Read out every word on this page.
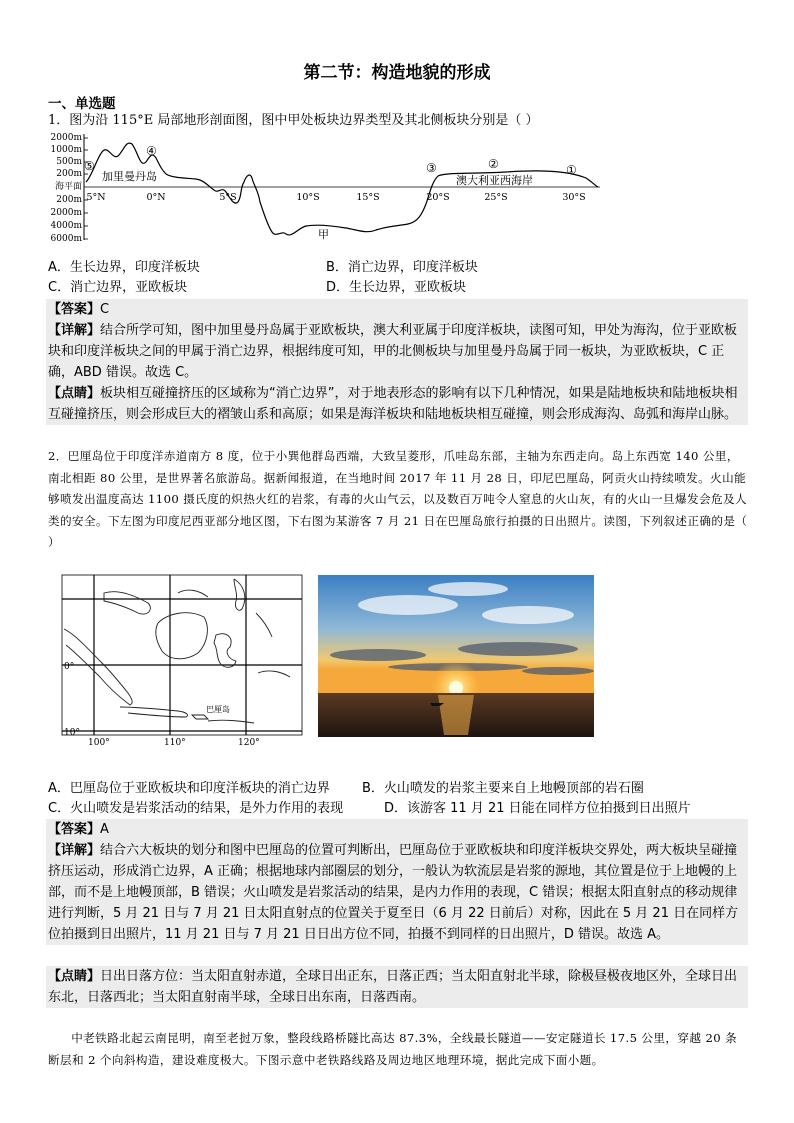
第二节：构造地貌的形成
一、单选题
1．图为沿 115°E 局部地形剖面图，图中甲处板块边界类型及其北侧板块分别是（ ）
2000m
1000m
500m
200m
海平面
200m
2000m
4000m
6000m
加里曼丹岛	澳大利亚西海岸
甲
⑤
④
③	②	①
5°N	0°N	5°S	10°S	15°S	20°S	25°S	30°S
A．生长边界，印度洋板块	B．消亡边界，印度洋板块
C．消亡边界，亚欧板块	D．生长边界，亚欧板块
【答案】C
【详解】结合所学可知，图中加里曼丹岛属于亚欧板块，澳大利亚属于印度洋板块，读图可知，甲处为海沟，位于亚欧板块和印度洋板块之间的甲属于消亡边界，根据纬度可知，甲的北侧板块与加里曼丹岛属于同一板块，为亚欧板块，C 正确，ABD 错误。故选 C。
【点睛】板块相互碰撞挤压的区域称为“消亡边界”，对于地表形态的影响有以下几种情况，如果是陆地板块和陆地板块相互碰撞挤压，则会形成巨大的褶皱山系和高原；如果是海洋板块和陆地板块相互碰撞，则会形成海沟、岛弧和海岸山脉。
2．巴厘岛位于印度洋赤道南方 8 度，位于小巽他群岛西端，大致呈菱形，爪哇岛东部，主轴为东西走向。岛上东西宽 140 公里，南北相距 80 公里，是世界著名旅游岛。据新闻报道，在当地时间 2017 年 11 月 28 日，印尼巴厘岛，阿贡火山持续喷发。火山能够喷发出温度高达 1100 摄氏度的炽热火红的岩浆，有毒的火山气云，以及数百万吨令人窒息的火山灰，有的火山一旦爆发会危及人类的安全。下左图为印度尼西亚部分地区图，下右图为某游客 7 月 21 日在巴厘岛旅行拍摄的日出照片。读图，下列叙述正确的是（ ）
0°
10°
100°	110°	120°
巴厘岛
A．巴厘岛位于亚欧板块和印度洋板块的消亡边界 B．火山喷发的岩浆主要来自上地幔顶部的岩石圈
C．火山喷发是岩浆活动的结果，是外力作用的表现	D．该游客 11 月 21 日能在同样方位拍摄到日出照片
【答案】A
【详解】结合六大板块的划分和图中巴厘岛的位置可判断出，巴厘岛位于亚欧板块和印度洋板块交界处，两大板块呈碰撞挤压运动，形成消亡边界，A 正确；根据地球内部圈层的划分，一般认为软流层是岩浆的源地，其位置是位于上地幔的上部，而不是上地幔顶部，B 错误；火山喷发是岩浆活动的结果，是内力作用的表现，C 错误；根据太阳直射点的移动规律进行判断，5 月 21 日与 7 月 21 日太阳直射点的位置关于夏至日（6 月 22 日前后）对称，因此在 5 月 21 日在同样方位拍摄到日出照片，11 月 21 日与 7 月 21 日日出方位不同，拍摄不到同样的日出照片，D 错误。故选 A。
【点睛】日出日落方位：当太阳直射赤道，全球日出正东，日落正西；当太阳直射北半球，除极昼极夜地区外，全球日出东北，日落西北；当太阳直射南半球，全球日出东南，日落西南。
中老铁路北起云南昆明，南至老挝万象，整段线路桥隧比高达 87.3%，全线最长隧道——安定隧道长 17.5 公里，穿越 20 条断层和 2 个向斜构造，建设难度极大。下图示意中老铁路线路及周边地区地理环境，据此完成下面小题。
